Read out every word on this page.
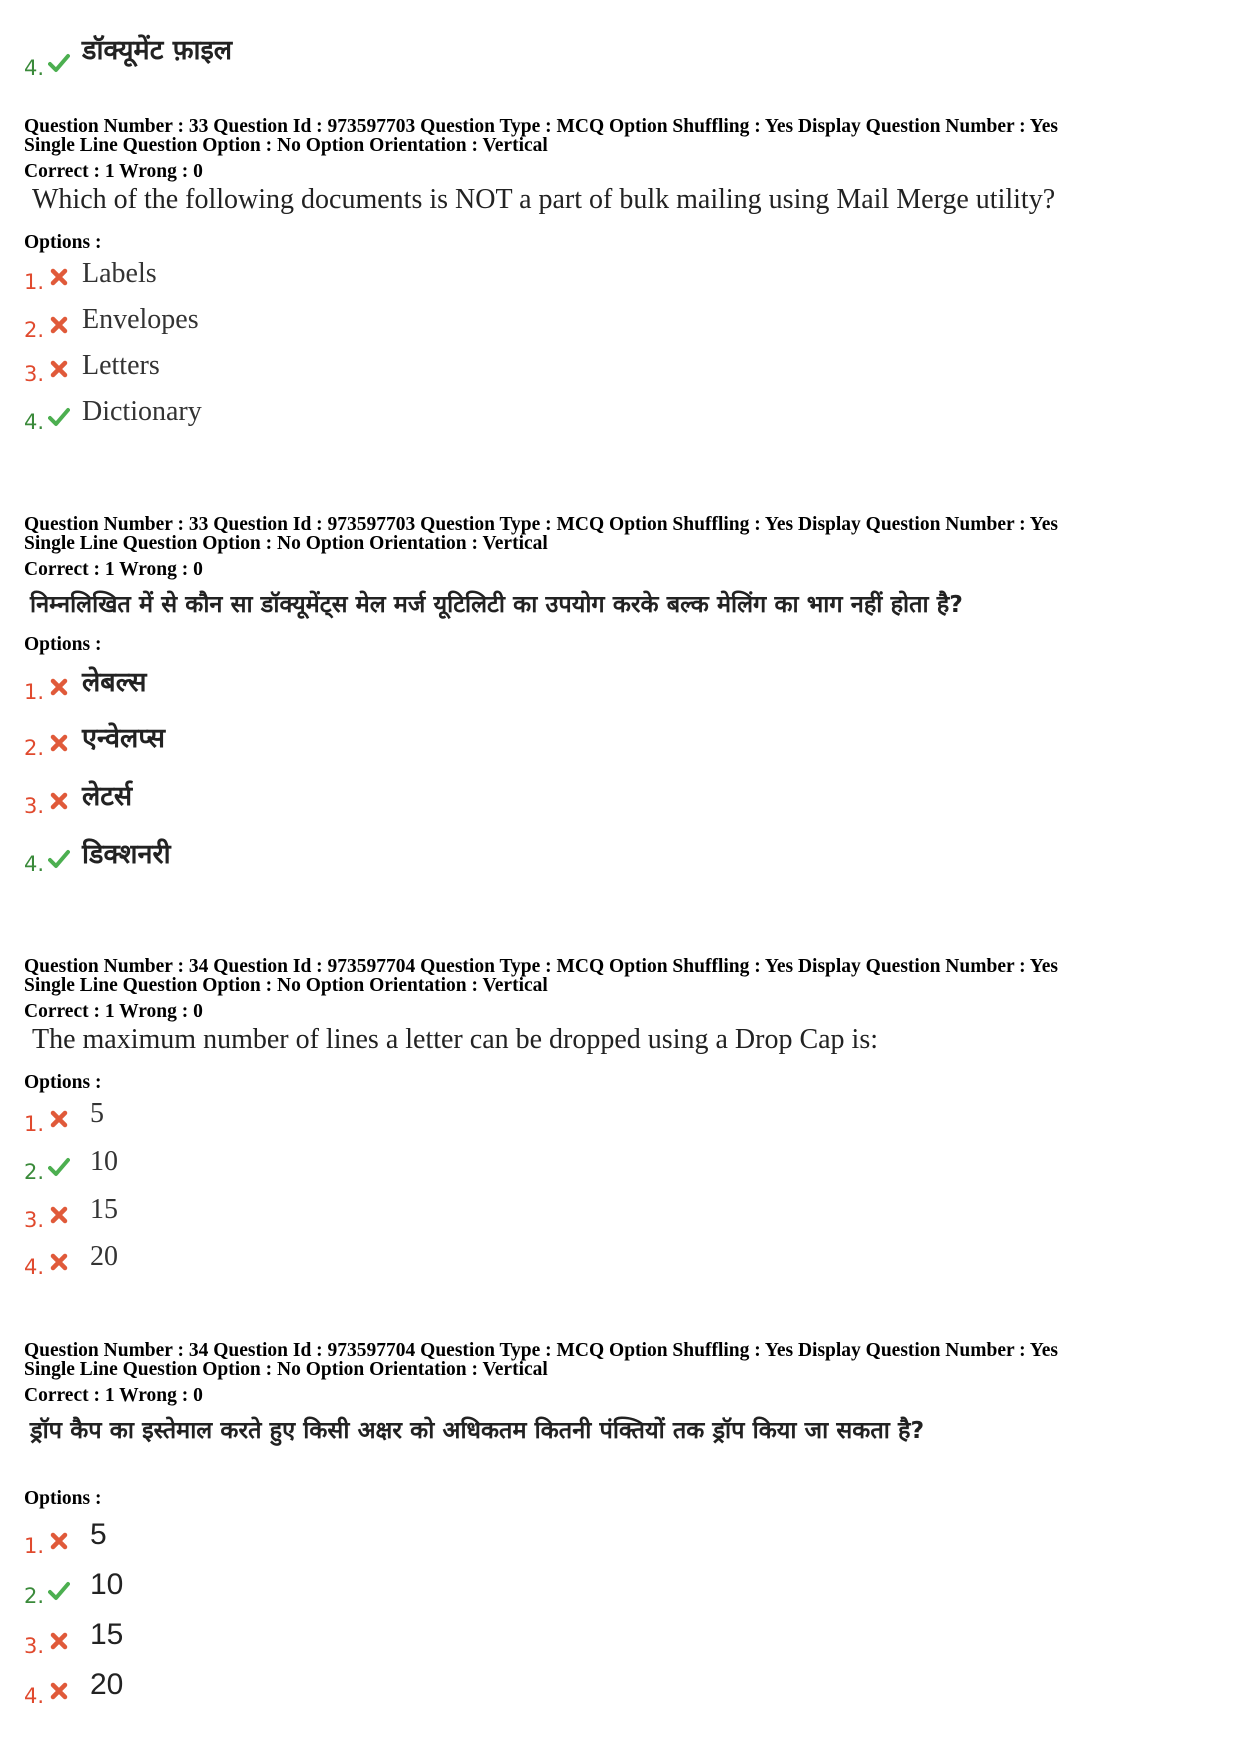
4.
डॉक्यूमेंट फ़ाइल
Question Number : 33 Question Id : 973597703 Question Type : MCQ Option Shuffling : Yes Display Question Number : Yes
Single Line Question Option : No Option Orientation : Vertical
Correct : 1 Wrong : 0
Which of the following documents is NOT a part of bulk mailing using Mail Merge utility?
Options :
1. Labels
2. Envelopes
3. Letters
4. Dictionary
Question Number : 33 Question Id : 973597703 Question Type : MCQ Option Shuffling : Yes Display Question Number : Yes
Single Line Question Option : No Option Orientation : Vertical
Correct : 1 Wrong : 0
निम्नलिखित में से कौन सा डॉक्यूमेंट्स मेल मर्ज यूटिलिटी का उपयोग करके बल्क मेलिंग का भाग नहीं होता है?
Options :
1. लेबल्स
2. एन्वेलप्स
3. लेटर्स
4. डिक्शनरी
Question Number : 34 Question Id : 973597704 Question Type : MCQ Option Shuffling : Yes Display Question Number : Yes
Single Line Question Option : No Option Orientation : Vertical
Correct : 1 Wrong : 0
The maximum number of lines a letter can be dropped using a Drop Cap is:
Options :
1. 5
2. 10
3. 15
4. 20
Question Number : 34 Question Id : 973597704 Question Type : MCQ Option Shuffling : Yes Display Question Number : Yes
Single Line Question Option : No Option Orientation : Vertical
Correct : 1 Wrong : 0
ड्रॉप कैप का इस्तेमाल करते हुए किसी अक्षर को अधिकतम कितनी पंक्तियों तक ड्रॉप किया जा सकता है?
Options :
1. 5
2. 10
3. 15
4. 20
